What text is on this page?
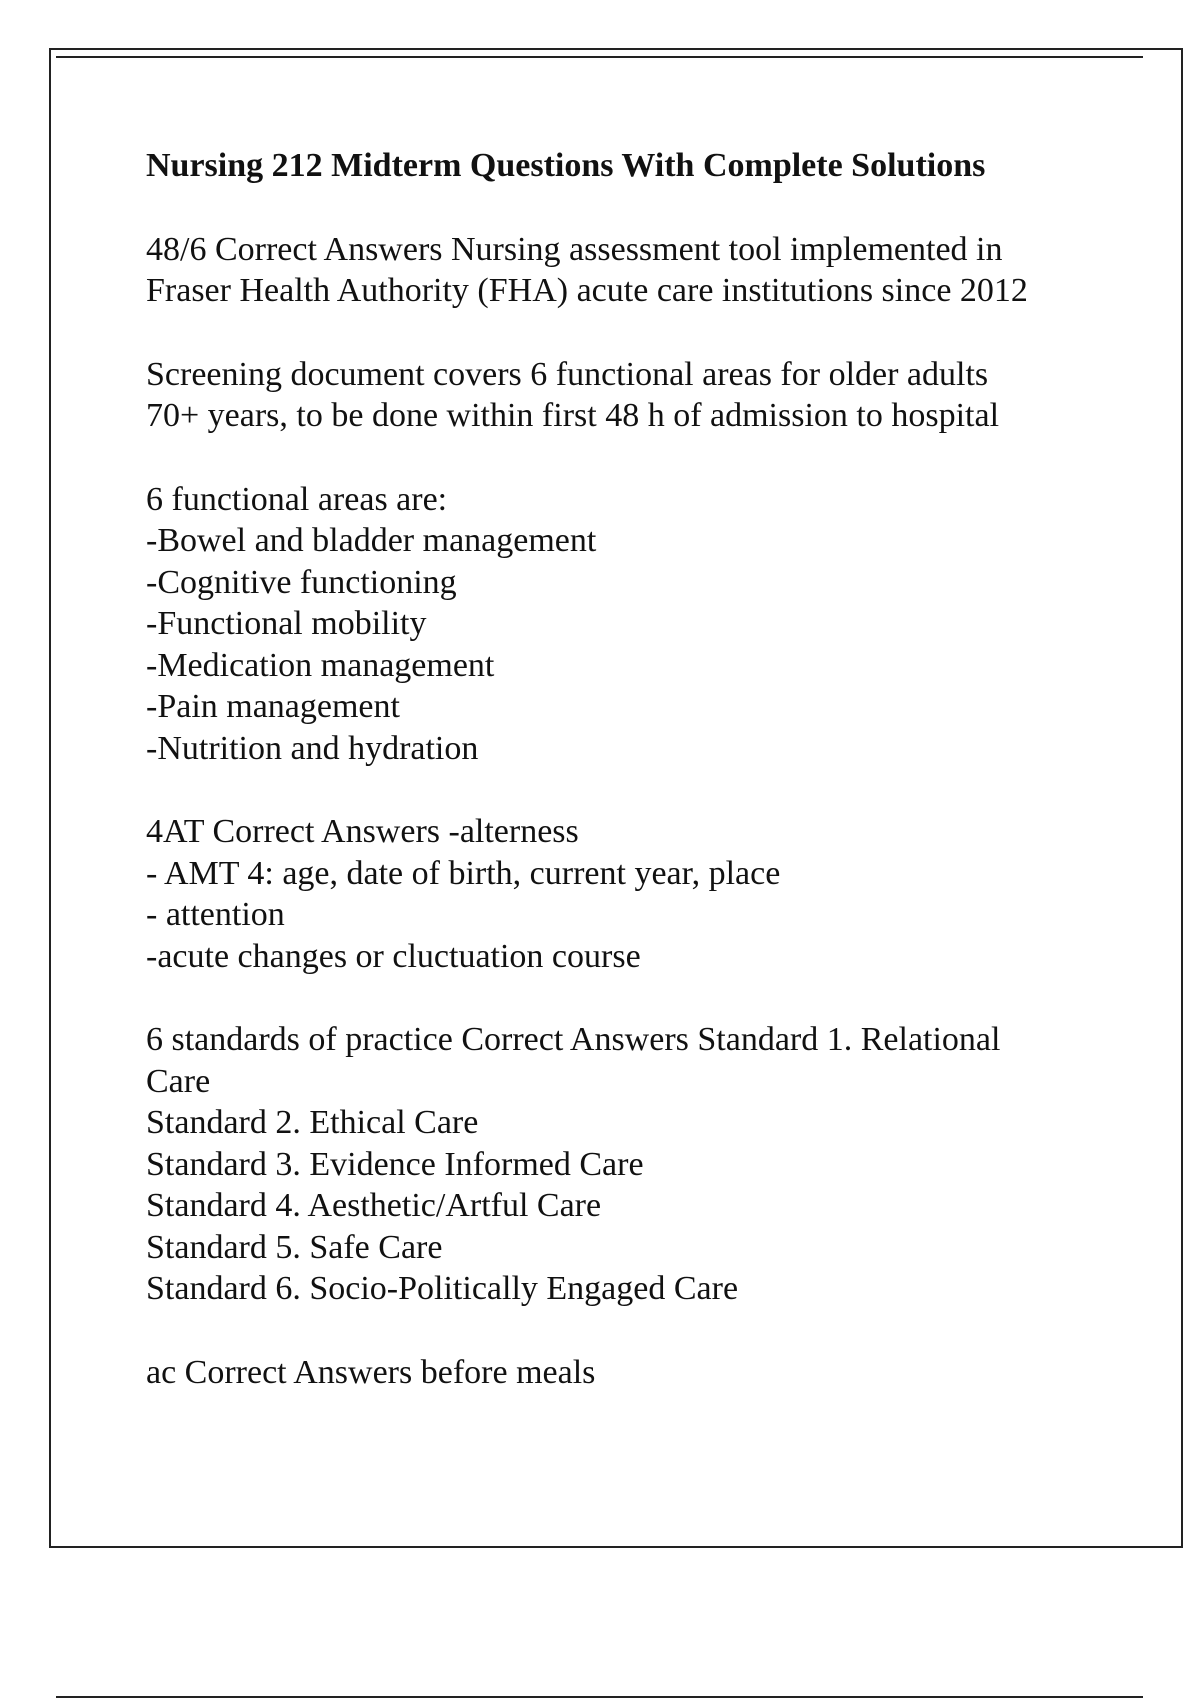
Nursing 212 Midterm Questions With Complete Solutions
48/6 Correct Answers Nursing assessment tool implemented in
Fraser Health Authority (FHA) acute care institutions since 2012
Screening document covers 6 functional areas for older adults
70+ years, to be done within first 48 h of admission to hospital
6 functional areas are:
-Bowel and bladder management
-Cognitive functioning
-Functional mobility
-Medication management
-Pain management
-Nutrition and hydration
4AT Correct Answers -alterness
- AMT 4: age, date of birth, current year, place
- attention
-acute changes or cluctuation course
6 standards of practice Correct Answers Standard 1. Relational
Care
Standard 2. Ethical Care
Standard 3. Evidence Informed Care
Standard 4. Aesthetic/Artful Care
Standard 5. Safe Care
Standard 6. Socio-Politically Engaged Care
ac Correct Answers before meals
